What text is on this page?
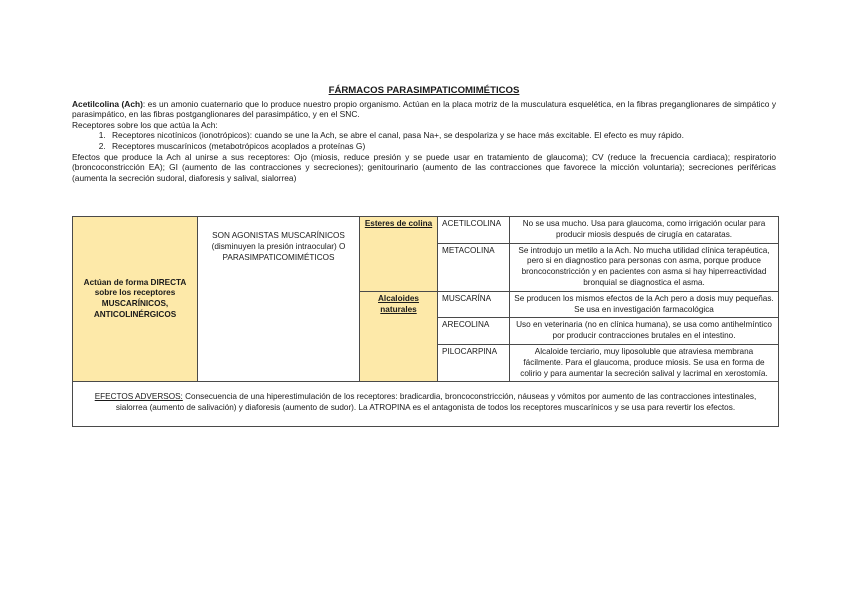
FÁRMACOS PARASIMPATICOMIMÉTICOS

Acetilcolina (Ach): es un amonio cuaternario que lo produce nuestro propio organismo. Actúan en la placa motriz de la musculatura esquelética, en la fibras preganglionares de simpático y parasimpático, en las fibras postganglionares del parasimpático, y en el SNC.

Receptores sobre los que actúa la Ach:

1. Receptores nicotínicos (ionotrópicos): cuando se une la Ach, se abre el canal, pasa Na+, se despolariza y se hace más excitable. El efecto es muy rápido.
2. Receptores muscarínicos (metabotrópicos acoplados a proteínas G)

Efectos que produce la Ach al unirse a sus receptores: Ojo (miosis, reduce presión y se puede usar en tratamiento de glaucoma); CV (reduce la frecuencia cardiaca); respiratorio (broncoconstricción EA); GI (aumento de las contracciones y secreciones); genitourinario (aumento de las contracciones que favorece la micción voluntaria); secreciones periféricas (aumenta la secreción sudoral, diaforesis y salival, sialorrea)

Actúan de forma DIRECTA sobre los receptores MUSCARÍNICOS, ANTICOLINÉRGICOS	SON AGONISTAS MUSCARÍNICOS (disminuyen la presión intraocular) O PARASIMPATICOMIMÉTICOS	Esteres de colina	ACETILCOLINA	No se usa mucho. Usa para glaucoma, como irrigación ocular para producir miosis después de cirugía en cataratas.
			METACOLINA	Se introdujo un metilo a la Ach. No mucha utilidad clínica terapéutica, pero si en diagnostico para personas con asma, porque produce broncoconstricción y en pacientes con asma si hay hiperreactividad bronquial se diagnostica el asma.
		Alcaloides naturales	MUSCARÍNA	Se producen los mismos efectos de la Ach pero a dosis muy pequeñas. Se usa en investigación farmacológica
			ARECOLINA	Uso en veterinaria (no en clínica humana), se usa como antihelmíntico por producir contracciones brutales en el intestino.
			PILOCARPINA	Alcaloide terciario, muy liposoluble que atraviesa membrana fácilmente. Para el glaucoma, produce miosis. Se usa en forma de colirio y para aumentar la secreción salival y lacrimal en xerostomía.
EFECTOS ADVERSOS: Consecuencia de una hiperestimulación de los receptores: bradicardia, broncoconstricción, náuseas y vómitos por aumento de las contracciones intestinales, sialorrea (aumento de salivación) y diaforesis (aumento de sudor). La ATROPINA es el antagonista de todos los receptores muscarínicos y se usa para revertir los efectos.				
